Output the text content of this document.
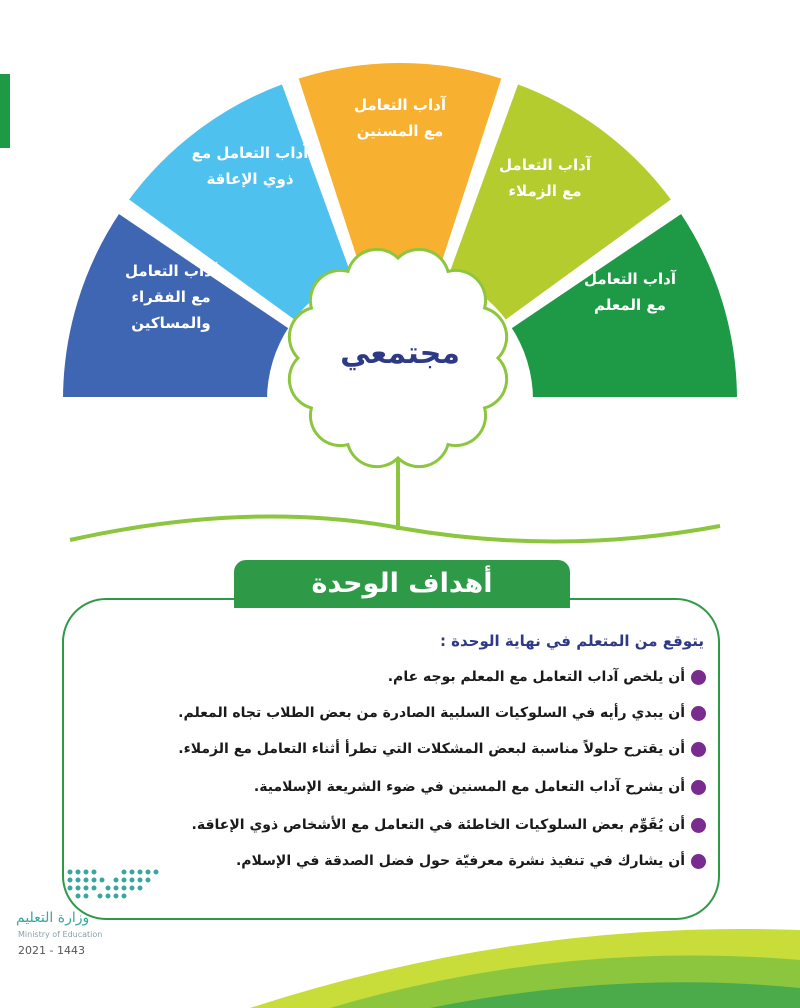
آداب التعامل
مع الفقراء
والمساكين
آداب التعامل مع
ذوي الإعاقة
آداب التعامل
مع المسنين
آداب التعامل
مع الزملاء
آداب التعامل
مع المعلم
مجتمعي
أهداف الوحدة
يتوقع من المتعلم في نهاية الوحدة :
أن يلخص آداب التعامل مع المعلم بوجه عام.
أن يبدي رأيه في السلوكيات السلبية الصادرة من بعض الطلاب تجاه المعلم.
أن يقترح حلولاً مناسبة لبعض المشكلات التي تطرأ أثناء التعامل مع الزملاء.
أن يشرح آداب التعامل مع المسنين في ضوء الشريعة الإسلامية.
أن يُقَوِّم بعض السلوكيات الخاطئة في التعامل مع الأشخاص ذوي الإعاقة.
أن يشارك في تنفيذ نشرة معرفيّة حول فضل الصدقة في الإسلام.
وزارة التعليم
Ministry of Education
2021 - 1443
